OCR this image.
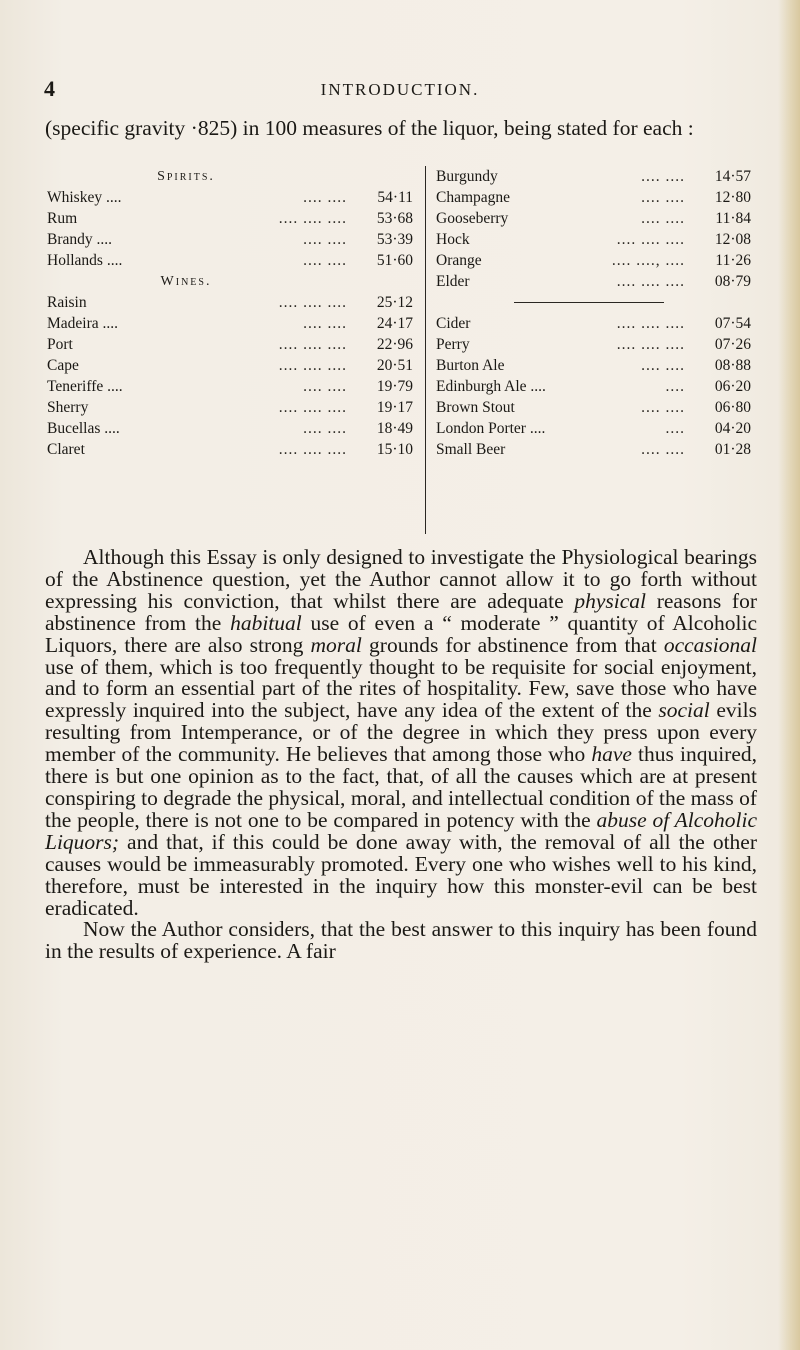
4	INTRODUCTION.
(specific gravity ·825) in 100 measures of the liquor, being stated for each :
Spirits.
Whiskey ....	.... .... 54·11
Rum	.... .... .... 53·68
Brandy ....	.... .... 53·39
Hollands ....	.... .... 51·60
Wines.
Raisin	.... .... .... 25·12
Madeira ....	.... .... 24·17
Port	.... .... .... 22·96
Cape	.... .... .... 20·51
Teneriffe ....	.... .... 19·79
Sherry	.... .... .... 19·17
Bucellas ....	.... .... 18·49
Claret	.... .... .... 15·10
Burgundy	.... .... 14·57
Champagne	.... .... 12·80
Gooseberry	.... .... 11·84
Hock	.... .... .... 12·08
Orange	.... ...., .... 11·26
Elder	.... .... .... 08·79
Cider	.... .... .... 07·54
Perry	.... .... .... 07·26
Burton Ale	.... .... 08·88
Edinburgh Ale ....	.... 06·20
Brown Stout	.... .... 06·80
London Porter ....	.... 04·20
Small Beer	.... .... 01·28

Although this Essay is only designed to investigate the Physiological bearings of the Abstinence question, yet the Author cannot allow it to go forth without expressing his conviction, that whilst there are adequate physical reasons for abstinence from the habitual use of even a “ moderate ” quantity of Alcoholic Liquors, there are also strong moral grounds for abstinence from that occasional use of them, which is too frequently thought to be requisite for social enjoyment, and to form an essential part of the rites of hospitality. Few, save those who have expressly inquired into the subject, have any idea of the extent of the social evils resulting from Intemperance, or of the degree in which they press upon every member of the community. He believes that among those who have thus inquired, there is but one opinion as to the fact, that, of all the causes which are at present conspiring to degrade the physical, moral, and intellectual condition of the mass of the people, there is not one to be compared in potency with the abuse of Alcoholic Liquors; and that, if this could be done away with, the removal of all the other causes would be immeasurably promoted. Every one who wishes well to his kind, therefore, must be interested in the inquiry how this monster-evil can be best eradicated.

Now the Author considers, that the best answer to this inquiry has been found in the results of experience. A fair
